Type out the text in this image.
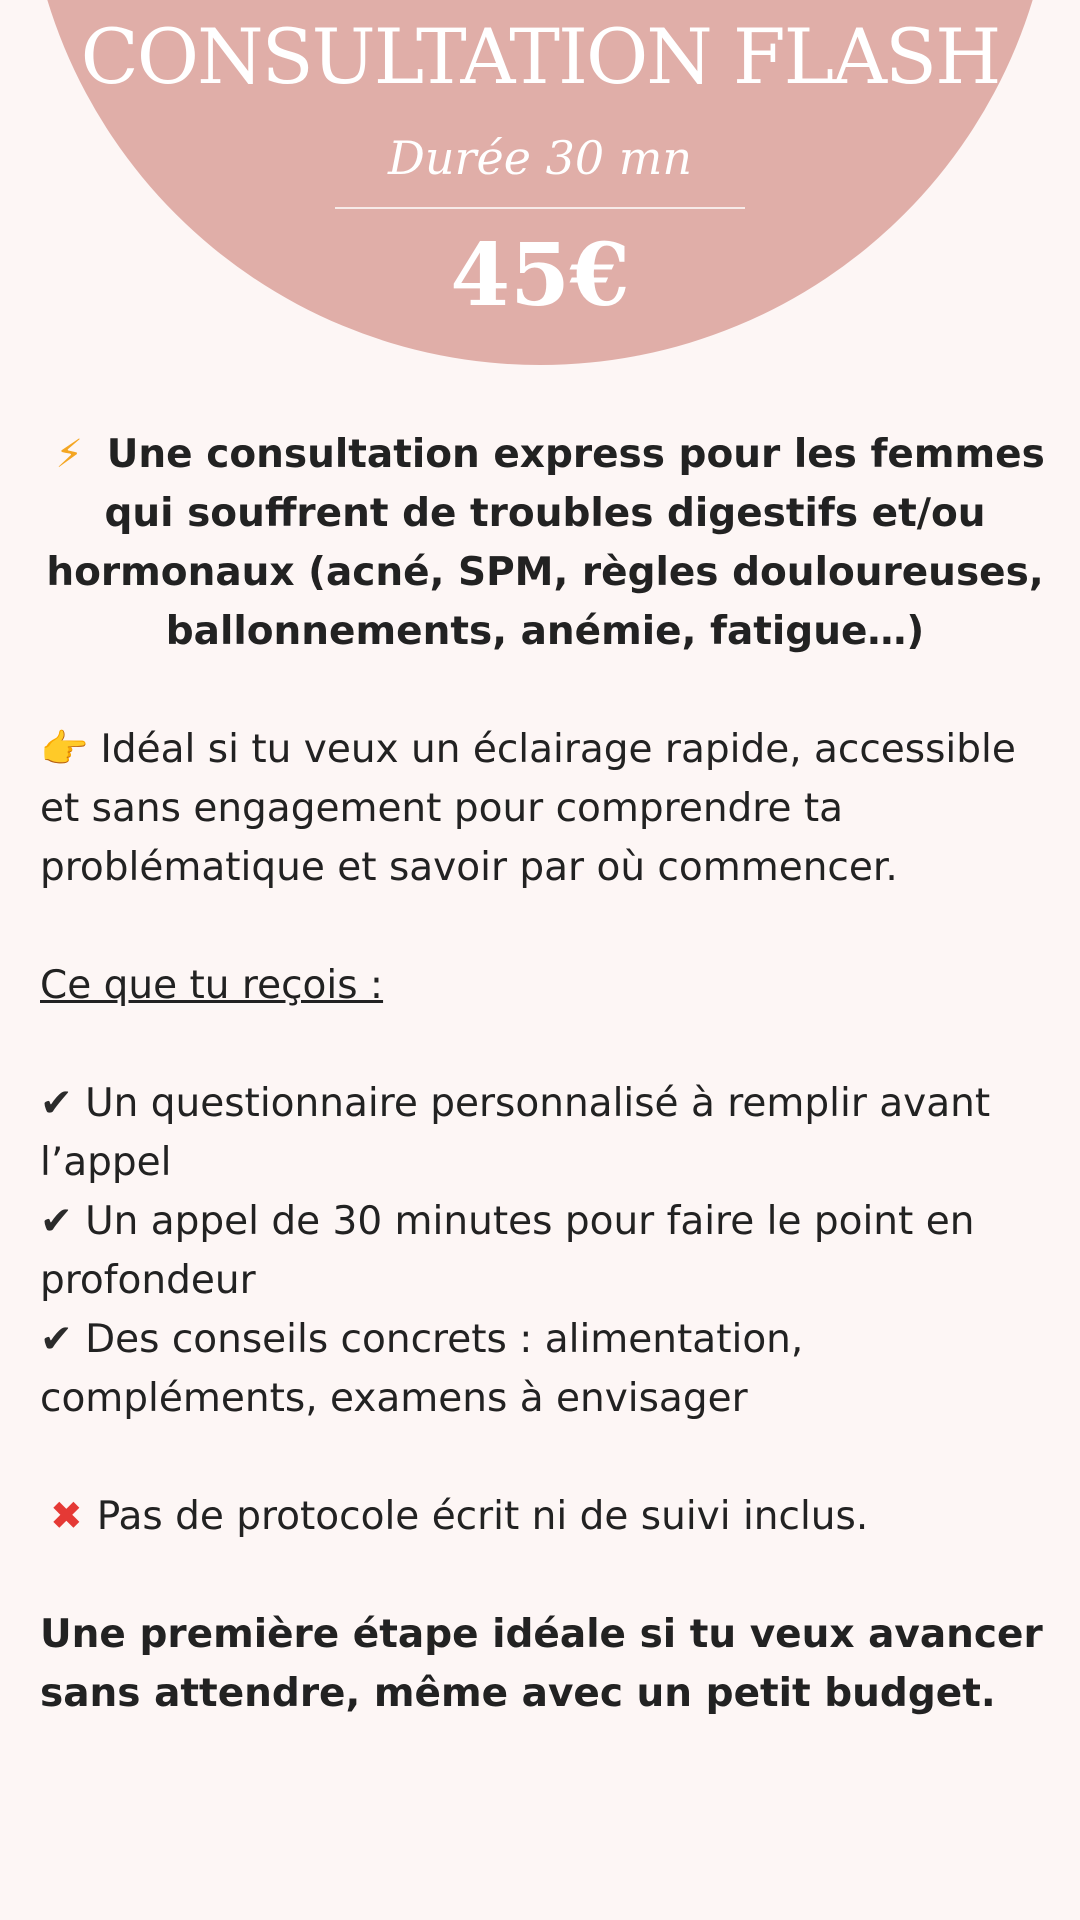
CONSULTATION FLASH
Durée 30 mn
45€

⚡ Une consultation express pour les femmes qui souffrent de troubles digestifs et/ou hormonaux (acné, SPM, règles douloureuses, ballonnements, anémie, fatigue…)

👉 Idéal si tu veux un éclairage rapide, accessible et sans engagement pour comprendre ta problématique et savoir par où commencer.

Ce que tu reçois :

✔ Un questionnaire personnalisé à remplir avant l’appel

✔ Un appel de 30 minutes pour faire le point en profondeur

✔ Des conseils concrets : alimentation, compléments, examens à envisager

✖ Pas de protocole écrit ni de suivi inclus.

Une première étape idéale si tu veux avancer sans attendre, même avec un petit budget.
